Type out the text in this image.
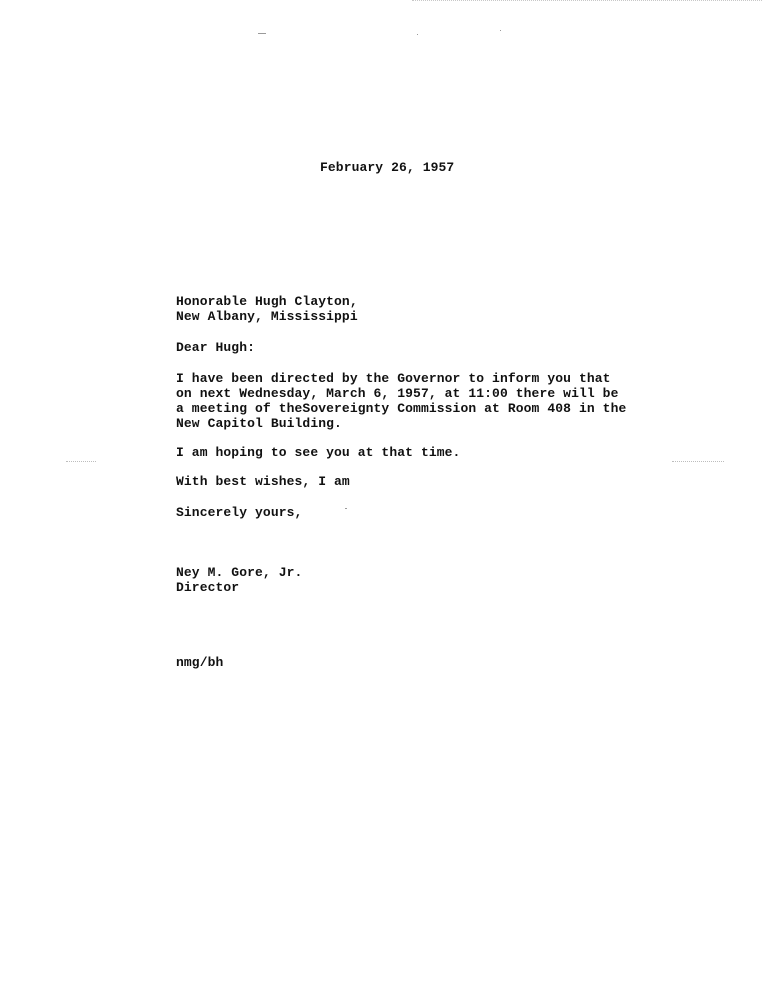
February 26, 1957
Honorable Hugh Clayton,
New Albany, Mississippi
Dear Hugh:
I have been directed by the Governor to inform you that
on next Wednesday, March 6, 1957, at 11:00 there will be
a meeting of theSovereignty Commission at Room 408 in the
New Capitol Building.
I am hoping to see you at that time.
With best wishes, I am
Sincerely yours,
Ney M. Gore, Jr.
Director
nmg/bh
